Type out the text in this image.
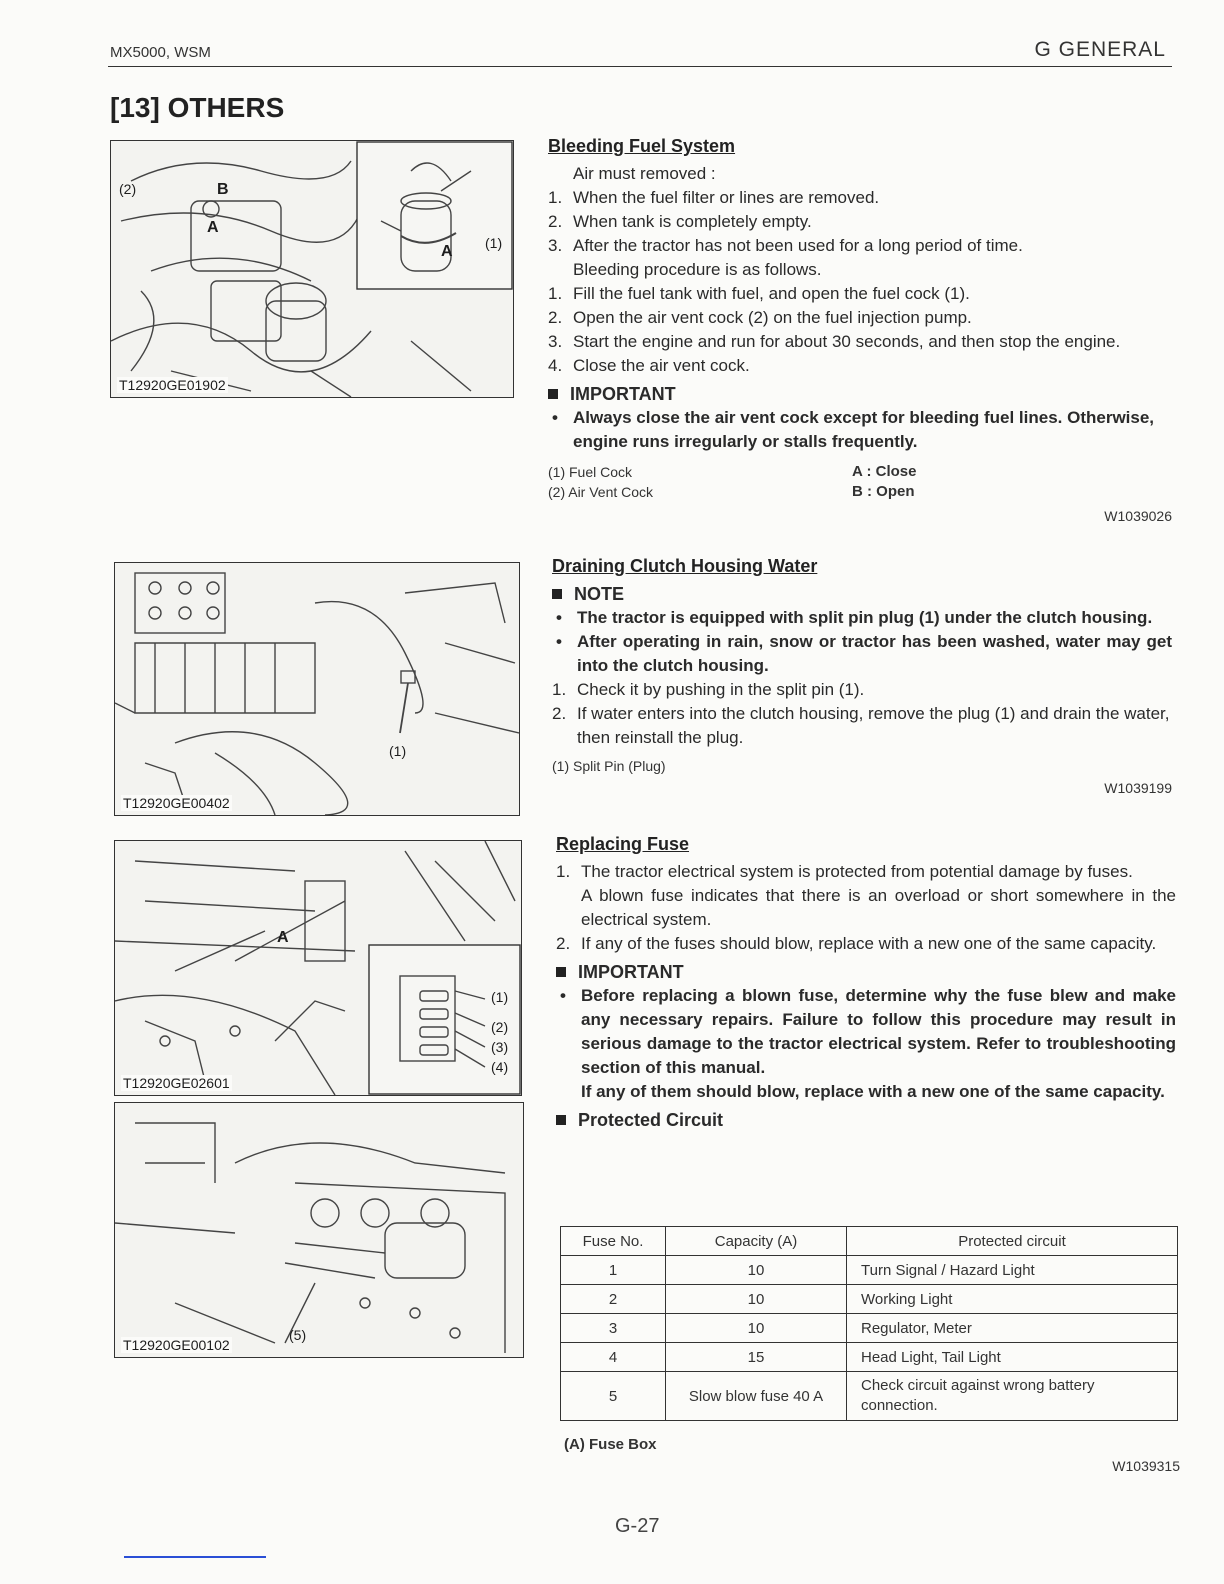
MX5000, WSM	G GENERAL
[13] OTHERS
(2)	B
A
(1)
A
T12920GE01902
Bleeding Fuel System
Air must removed :
1. When the fuel filter or lines are removed.
2. When tank is completely empty.
3. After the tractor has not been used for a long period of time.
Bleeding procedure is as follows.
1. Fill the fuel tank with fuel, and open the fuel cock (1).
2. Open the air vent cock (2) on the fuel injection pump.
3. Start the engine and run for about 30 seconds, and then stop the engine.
4. Close the air vent cock.
IMPORTANT
• Always close the air vent cock except for bleeding fuel lines. Otherwise, engine runs irregularly or stalls frequently.
(1) Fuel Cock
(2) Air Vent Cock
A : Close
B : Open
W1039026
(1)
T12920GE00402
Draining Clutch Housing Water
NOTE
• The tractor is equipped with split pin plug (1) under the clutch housing.
• After operating in rain, snow or tractor has been washed, water may get into the clutch housing.
1. Check it by pushing in the split pin (1).
2. If water enters into the clutch housing, remove the plug (1) and drain the water, then reinstall the plug.
(1) Split Pin (Plug)
W1039199
A
(1)
(2)
(3)
(4)
T12920GE02601
(5)
T12920GE00102
Replacing Fuse
1. The tractor electrical system is protected from potential damage by fuses.
A blown fuse indicates that there is an overload or short somewhere in the electrical system.
2. If any of the fuses should blow, replace with a new one of the same capacity.
IMPORTANT
• Before replacing a blown fuse, determine why the fuse blew and make any necessary repairs. Failure to follow this procedure may result in serious damage to the tractor electrical system. Refer to troubleshooting section of this manual.
If any of them should blow, replace with a new one of the same capacity.
Protected Circuit
Fuse No.	Capacity (A)	Protected circuit
1	10	Turn Signal / Hazard Light
2	10	Working Light
3	10	Regulator, Meter
4	15	Head Light, Tail Light
5	Slow blow fuse 40 A	Check circuit against wrong battery connection.
(A) Fuse Box
W1039315
G-27
